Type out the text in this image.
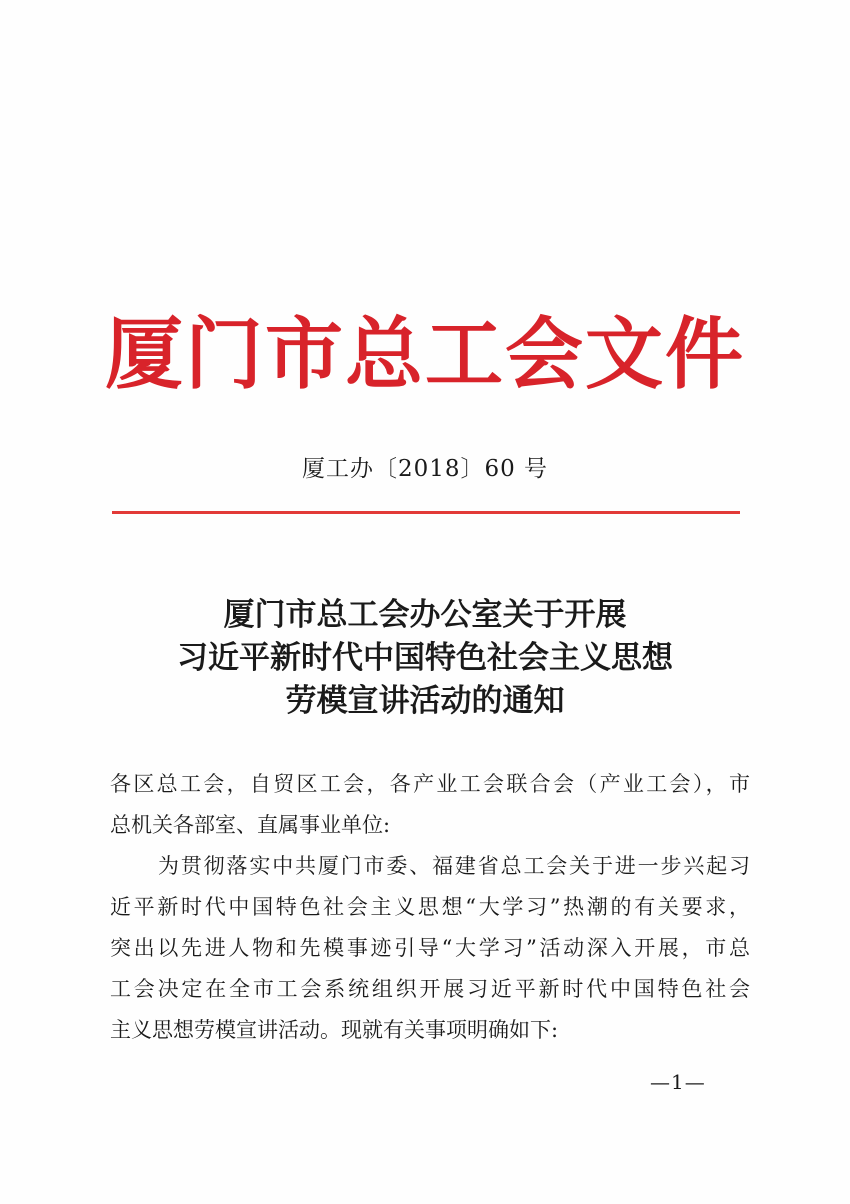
厦门市总工会文件
厦工办〔2018〕60 号
厦门市总工会办公室关于开展
习近平新时代中国特色社会主义思想
劳模宣讲活动的通知
各区总工会，自贸区工会，各产业工会联合会（产业工会），市
总机关各部室、直属事业单位:
为贯彻落实中共厦门市委、福建省总工会关于进一步兴起习
近平新时代中国特色社会主义思想“大学习”热潮的有关要求，
突出以先进人物和先模事迹引导“大学习”活动深入开展，市总
工会决定在全市工会系统组织开展习近平新时代中国特色社会
主义思想劳模宣讲活动。现就有关事项明确如下:
—1—
